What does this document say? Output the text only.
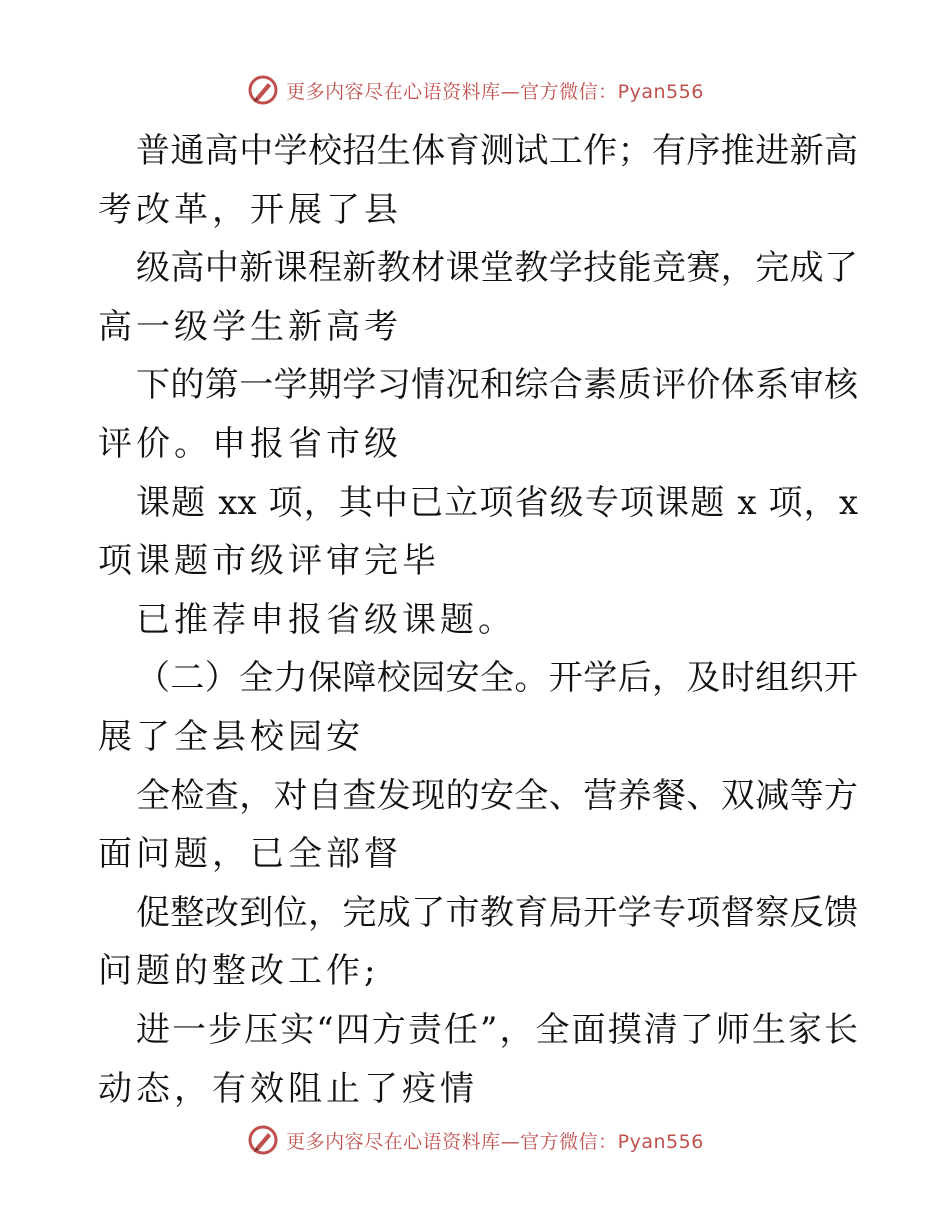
更多内容尽在心语资料库—官方微信：Pyan556
普通高中学校招生体育测试工作；有序推进新高
考改革，开展了县
级高中新课程新教材课堂教学技能竞赛，完成了
高一级学生新高考
下的第一学期学习情况和综合素质评价体系审核
评价。申报省市级
课题 xx 项，其中已立项省级专项课题 x 项，x
项课题市级评审完毕
已推荐申报省级课题。
（二）全力保障校园安全。开学后，及时组织开
展了全县校园安
全检查，对自查发现的安全、营养餐、双减等方
面问题，已全部督
促整改到位，完成了市教育局开学专项督察反馈
问题的整改工作;
进一步压实“四方责任”，全面摸清了师生家长
动态，有效阻止了疫情
更多内容尽在心语资料库—官方微信：Pyan556
